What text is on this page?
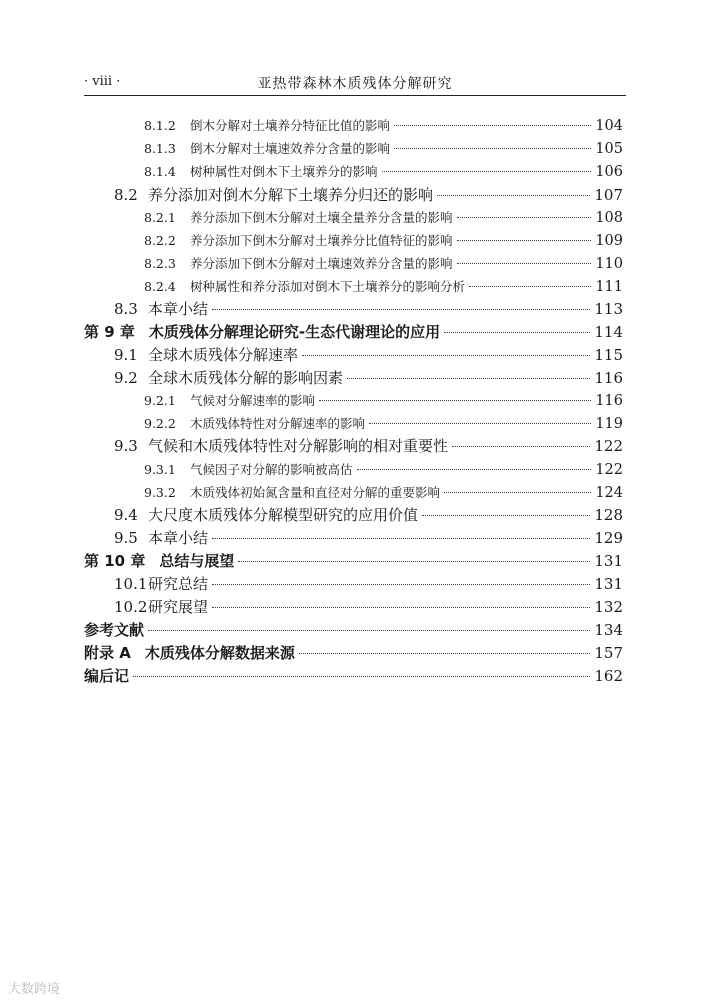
· viii ·	亚热带森林木质残体分解研究
8.1.2	倒木分解对土壤养分特征比值的影响	104
8.1.3	倒木分解对土壤速效养分含量的影响	105
8.1.4	树种属性对倒木下土壤养分的影响	106
8.2 养分添加对倒木分解下土壤养分归还的影响	107
8.2.1	养分添加下倒木分解对土壤全量养分含量的影响	108
8.2.2	养分添加下倒木分解对土壤养分比值特征的影响	109
8.2.3	养分添加下倒木分解对土壤速效养分含量的影响	110
8.2.4	树种属性和养分添加对倒木下土壤养分的影响分析	111
8.3 本章小结	113
第 9 章 木质残体分解理论研究-生态代谢理论的应用	114
9.1 全球木质残体分解速率	115
9.2 全球木质残体分解的影响因素	116
9.2.1	气候对分解速率的影响	116
9.2.2	木质残体特性对分解速率的影响	119
9.3 气候和木质残体特性对分解影响的相对重要性	122
9.3.1	气候因子对分解的影响被高估	122
9.3.2	木质残体初始氮含量和直径对分解的重要影响	124
9.4 大尺度木质残体分解模型研究的应用价值	128
9.5 本章小结	129
第 10 章 总结与展望	131
10.1 研究总结	131
10.2 研究展望	132
参考文献	134
附录 A 木质残体分解数据来源	157
编后记	162
大数跨境
